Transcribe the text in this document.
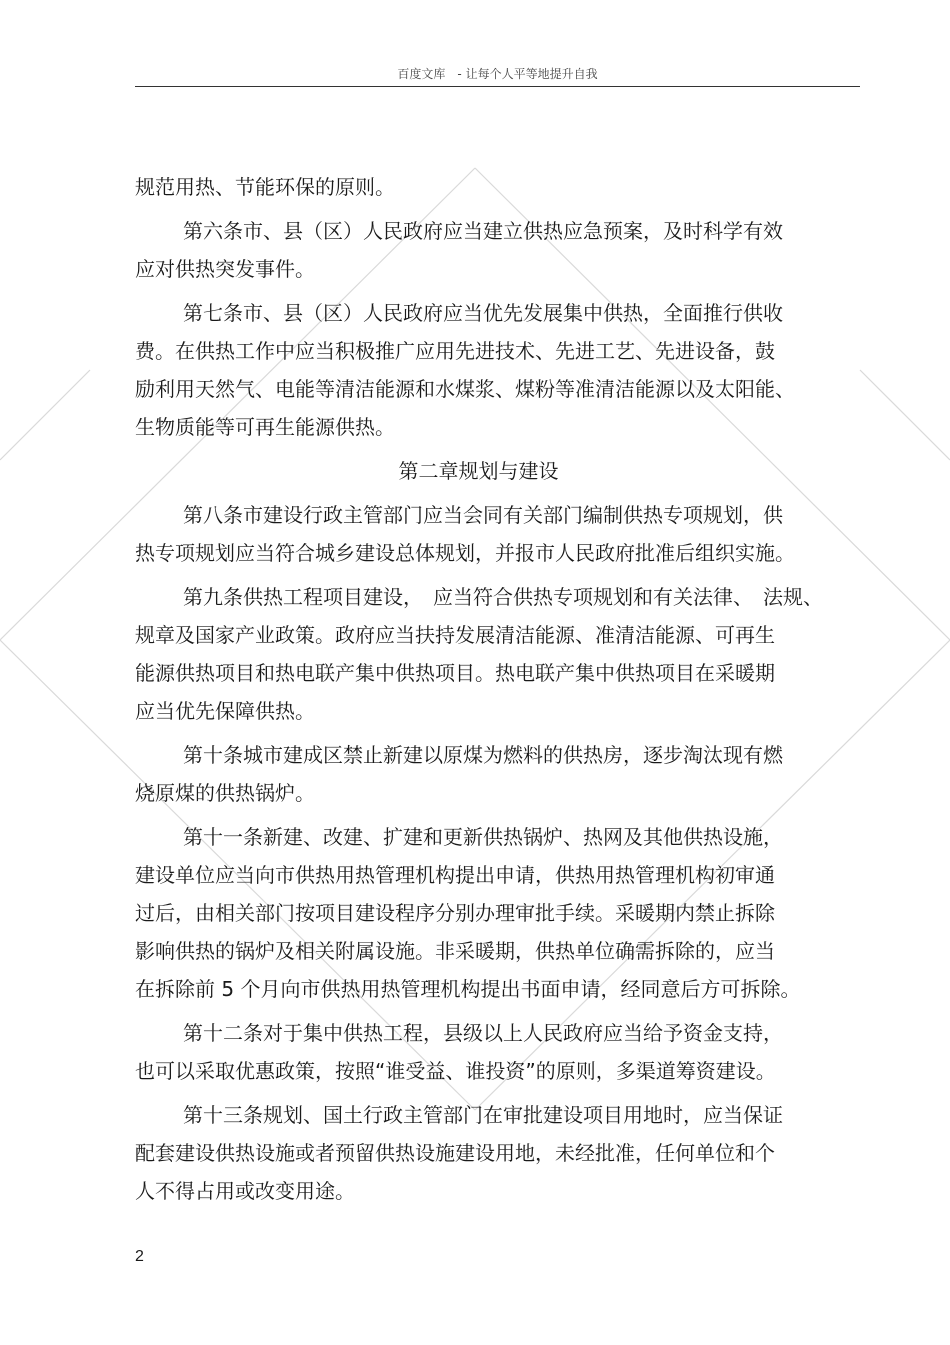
百度文库　- 让每个人平等地提升自我
规范用热、节能环保的原则。
第六条市、县（区）人民政府应当建立供热应急预案，及时科学有效
应对供热突发事件。
第七条市、县（区）人民政府应当优先发展集中供热，全面推行供收
费。在供热工作中应当积极推广应用先进技术、先进工艺、先进设备，鼓
励利用天然气、电能等清洁能源和水煤浆、煤粉等准清洁能源以及太阳能、
生物质能等可再生能源供热。
第二章规划与建设
第八条市建设行政主管部门应当会同有关部门编制供热专项规划，供
热专项规划应当符合城乡建设总体规划，并报市人民政府批准后组织实施。
第九条供热工程项目建设，　应当符合供热专项规划和有关法律、　法规、
规章及国家产业政策。政府应当扶持发展清洁能源、准清洁能源、可再生
能源供热项目和热电联产集中供热项目。热电联产集中供热项目在采暖期
应当优先保障供热。
第十条城市建成区禁止新建以原煤为燃料的供热房，逐步淘汰现有燃
烧原煤的供热锅炉。
第十一条新建、改建、扩建和更新供热锅炉、热网及其他供热设施，
建设单位应当向市供热用热管理机构提出申请，供热用热管理机构初审通
过后，由相关部门按项目建设程序分别办理审批手续。采暖期内禁止拆除
影响供热的锅炉及相关附属设施。非采暖期，供热单位确需拆除的，应当
在拆除前 5 个月向市供热用热管理机构提出书面申请，经同意后方可拆除。
第十二条对于集中供热工程，县级以上人民政府应当给予资金支持，
也可以采取优惠政策，按照“谁受益、谁投资”的原则，多渠道筹资建设。
第十三条规划、国土行政主管部门在审批建设项目用地时，应当保证
配套建设供热设施或者预留供热设施建设用地，未经批准，任何单位和个
人不得占用或改变用途。
2
